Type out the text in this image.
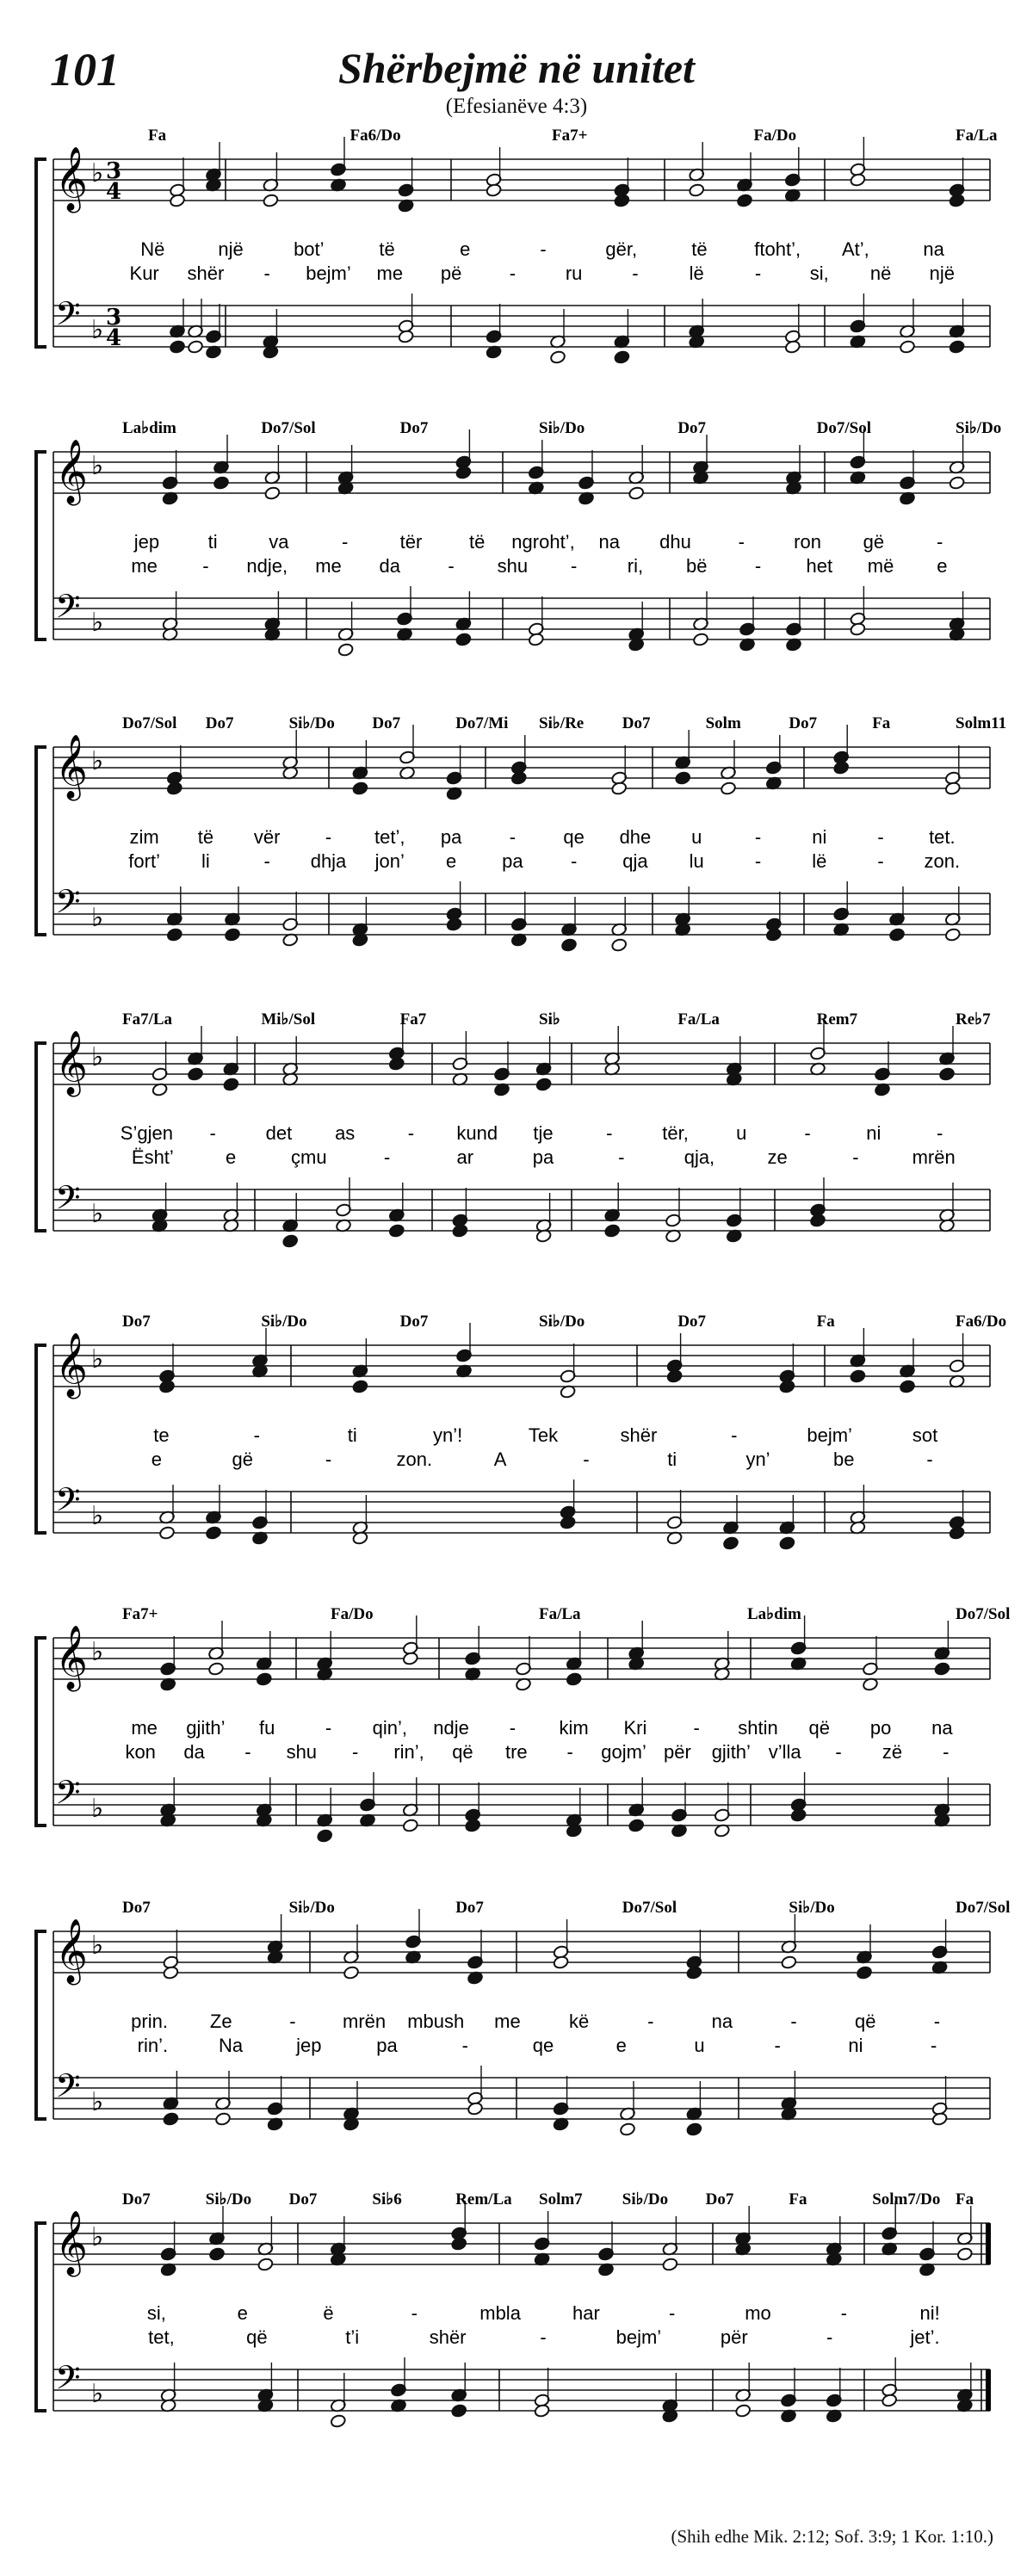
101	Shërbejmë në unitet
(Efesianëve 4:3)
𝄞 ♭ 3
4
𝄢 ♭ 3
4
Fa	Fa6/Do	Fa7+	Fa/Do	Fa/La
Në	një	bot’	të	e	-	gër,	të ftoht’, At’,	na
Kur shër - bejm’ me pë	-	ru	-	lë	-	si, në një
𝄞 ♭
𝄢 ♭
La♭dim	Do7/Sol	Do7	Si♭/Do	Do7	Do7/Sol	Si♭/Do
jep	ti	va	-	tër të ngroht’, na dhu -	ron gë	-
me - ndje, me da	- shu -	ri, bë	- het më e
𝄞 ♭
𝄢 ♭
Do7/Sol Do7	Si♭/Do Do7	Do7/Mi Si♭/Re Do7	Solm	Do7	Fa	Solm11
zim të vër - tet’, pa	-	qe dhe u	-	ni	- tet.
fort’ li	- dhja jon’ e pa	- qja lu	-	lë	- zon.
𝄞 ♭
𝄢 ♭
Fa7/La	Mi♭/Sol	Fa7	Si♭	Fa/La	Rem7	Re♭7
S’gjen -	det as	- kund tje	-	tër,	u	-	ni	-
Ësht’	e	çmu	-	ar	pa	-	qja,	ze	-	mrën
𝄞 ♭
𝄢 ♭
Do7	Si♭/Do	Do7	Si♭/Do	Do7	Fa	Fa6/Do
te	-	ti	yn’!	Tek	shër	-	bejm’	sot
e	gë	-	zon.	A	-	ti	yn’	be	-
𝄞 ♭
𝄢 ♭
Fa7+	Fa/Do	Fa/La	La♭dim	Do7/Sol
me gjith’ fu	- qin’, ndje - kim Kri - shtin që po na
kon da - shu - rin’, që tre - gojm’ për gjith’ v’lla - zë -
𝄞 ♭
𝄢 ♭
Do7	Si♭/Do	Do7	Do7/Sol	Si♭/Do	Do7/Sol
prin. Ze	- mrën mbush me	kë	-	na	-	që	-
rin’.	Na	jep	pa	-	qe	e	u	-	ni	-
𝄞 ♭
𝄢 ♭
Do7	Si♭/Do Do7	Si♭6	Rem/La Solm7 Si♭/Do Do7	Fa	Solm7/Do Fa
si,	e	ë	-	mbla	har	-	mo	-	ni!
tet,	që	t’i	shër	-	bejm’	për	-	jet’.
(Shih edhe Mik. 2:12; Sof. 3:9; 1 Kor. 1:10.)
